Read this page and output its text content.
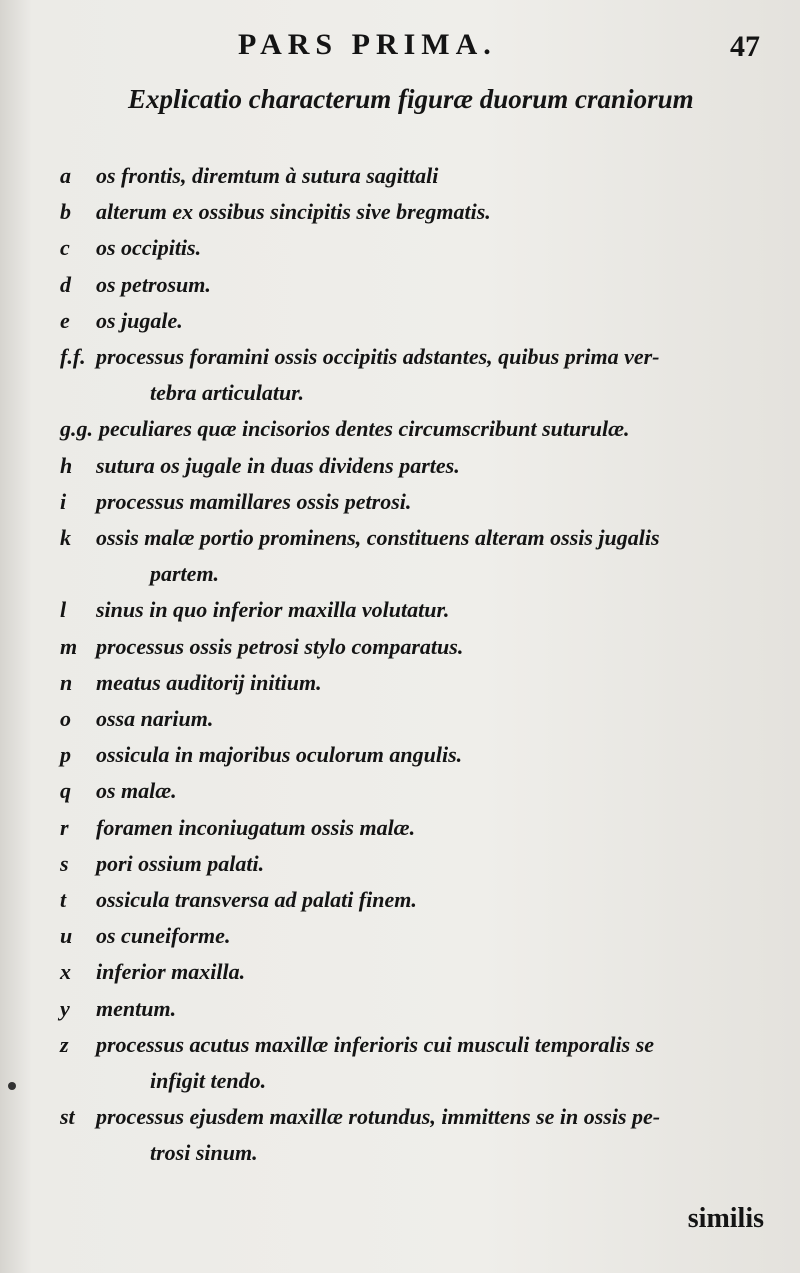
PARS PRIMA.	47
Explicatio characterum figuræ duorum craniorum
a	os frontis, diremtum à sutura sagittali
b	alterum ex ossibus sincipitis sive bregmatis.
c	os occipitis.
d	os petrosum.
e	os jugale.
f.f. processus foramini ossis occipitis adstantes, quibus prima ver-
tebra articulatur.
g.g. peculiares quæ incisorios dentes circumscribunt suturulæ.
h	sutura os jugale in duas dividens partes.
i	processus mamillares ossis petrosi.
k	ossis malæ portio prominens, constituens alteram ossis jugalis
partem.
l	sinus in quo inferior maxilla volutatur.
m processus ossis petrosi stylo comparatus.
n	meatus auditorij initium.
o	ossa narium.
p	ossicula in majoribus oculorum angulis.
q	os malæ.
r	foramen inconiugatum ossis malæ.
s	pori ossium palati.
t	ossicula transversa ad palati finem.
u	os cuneiforme.
x	inferior maxilla.
y	mentum.
z	processus acutus maxillæ inferioris cui musculi temporalis se
infigit tendo.
st processus ejusdem maxillæ rotundus, immittens se in ossis pe-
trosi sinum.
similis
